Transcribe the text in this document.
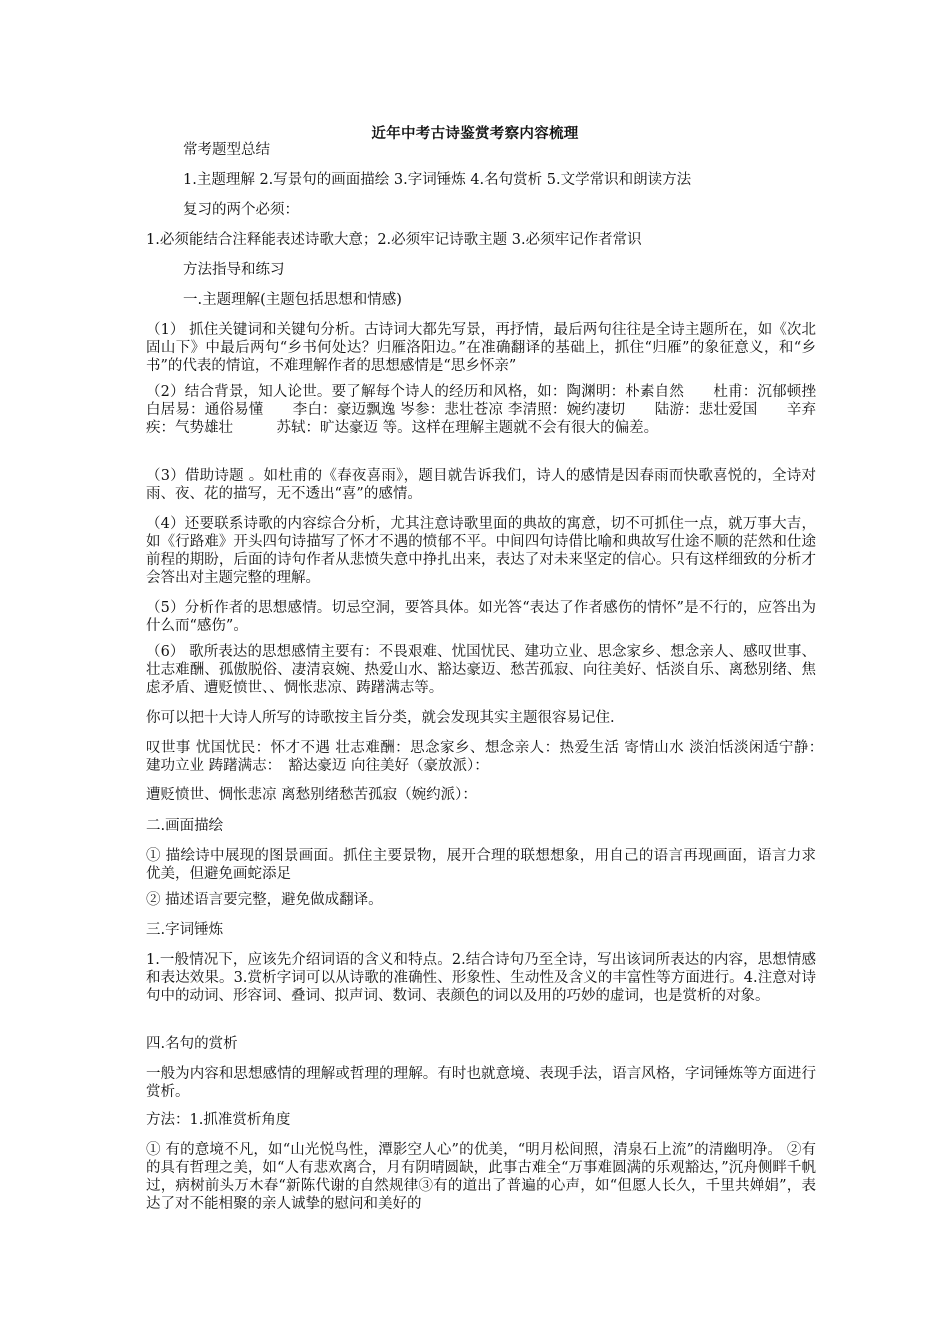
近年中考古诗鉴赏考察内容梳理
常考题型总结
1.主题理解 2.写景句的画面描绘 3.字词锤炼 4.名句赏析 5.文学常识和朗读方法
复习的两个必须：
1.必须能结合注释能表述诗歌大意；2.必须牢记诗歌主题 3.必须牢记作者常识
方法指导和练习
一.主题理解(主题包括思想和情感)
（1） 抓住关键词和关键句分析。古诗词大都先写景，再抒情，最后两句往往是全诗主题所在，如《次北固山下》中最后两句“乡书何处达？归雁洛阳边。”在准确翻译的基础上，抓住“归雁”的象征意义，和“乡书”的代表的情谊，不难理解作者的思想感情是“思乡怀亲”
（2）结合背景，知人论世。要了解每个诗人的经历和风格，如：陶渊明：朴素自然　　杜甫：沉郁顿挫　　白居易：通俗易懂　　李白：豪迈飘逸 岑参：悲壮苍凉 李清照：婉约凄切　　陆游：悲壮爱国　　辛弃疾：气势雄壮　　　苏轼：旷达豪迈 等。这样在理解主题就不会有很大的偏差。
（3）借助诗题 。如杜甫的《春夜喜雨》，题目就告诉我们，诗人的感情是因春雨而快歌喜悦的，全诗对雨、夜、花的描写，无不透出“喜”的感情。
（4）还要联系诗歌的内容综合分析，尤其注意诗歌里面的典故的寓意，切不可抓住一点，就万事大吉，如《行路难》开头四句诗描写了怀才不遇的愤郁不平。中间四句诗借比喻和典故写仕途不顺的茫然和仕途前程的期盼，后面的诗句作者从悲愤失意中挣扎出来，表达了对未来坚定的信心。只有这样细致的分析才会答出对主题完整的理解。
（5）分析作者的思想感情。切忌空洞，要答具体。如光答“表达了作者感伤的情怀”是不行的，应答出为什么而“感伤”。
（6） 歌所表达的思想感情主要有：不畏艰难、忧国忧民、建功立业、思念家乡、想念亲人、感叹世事、壮志难酬、孤傲脱俗、凄清哀婉、热爱山水、豁达豪迈、愁苦孤寂、向往美好、恬淡自乐、离愁别绪、焦虑矛盾、遭贬愤世、、惆怅悲凉、踌躇满志等。
你可以把十大诗人所写的诗歌按主旨分类，就会发现其实主题很容易记住.
叹世事 忧国忧民：怀才不遇 壮志难酬：思念家乡、想念亲人：热爱生活 寄情山水 淡泊恬淡闲适宁静：　建功立业 踌躇满志：　豁达豪迈 向往美好（豪放派）：
遭贬愤世、惆怅悲凉 离愁别绪愁苦孤寂（婉约派）：
二.画面描绘
① 描绘诗中展现的图景画面。抓住主要景物，展开合理的联想想象，用自己的语言再现画面，语言力求优美，但避免画蛇添足
② 描述语言要完整，避免做成翻译。
三.字词锤炼
1.一般情况下，应该先介绍词语的含义和特点。2.结合诗句乃至全诗，写出该词所表达的内容，思想情感和表达效果。3.赏析字词可以从诗歌的准确性、形象性、生动性及含义的丰富性等方面进行。4.注意对诗句中的动词、形容词、叠词、拟声词、数词、表颜色的词以及用的巧妙的虚词，也是赏析的对象。
四.名句的赏析
一般为内容和思想感情的理解或哲理的理解。有时也就意境、表现手法，语言风格，字词锤炼等方面进行赏析。
方法：1.抓准赏析角度
① 有的意境不凡，如“山光悦鸟性，潭影空人心”的优美，“明月松间照，清泉石上流”的清幽明净。 ②有的具有哲理之美，如“人有悲欢离合，月有阴晴圆缺，此事古难全“万事难圆满的乐观豁达，”沉舟侧畔千帆过，病树前头万木春“新陈代谢的自然规律③有的道出了普遍的心声，如“但愿人长久，千里共婵娟”，表达了对不能相聚的亲人诚挚的慰问和美好的
